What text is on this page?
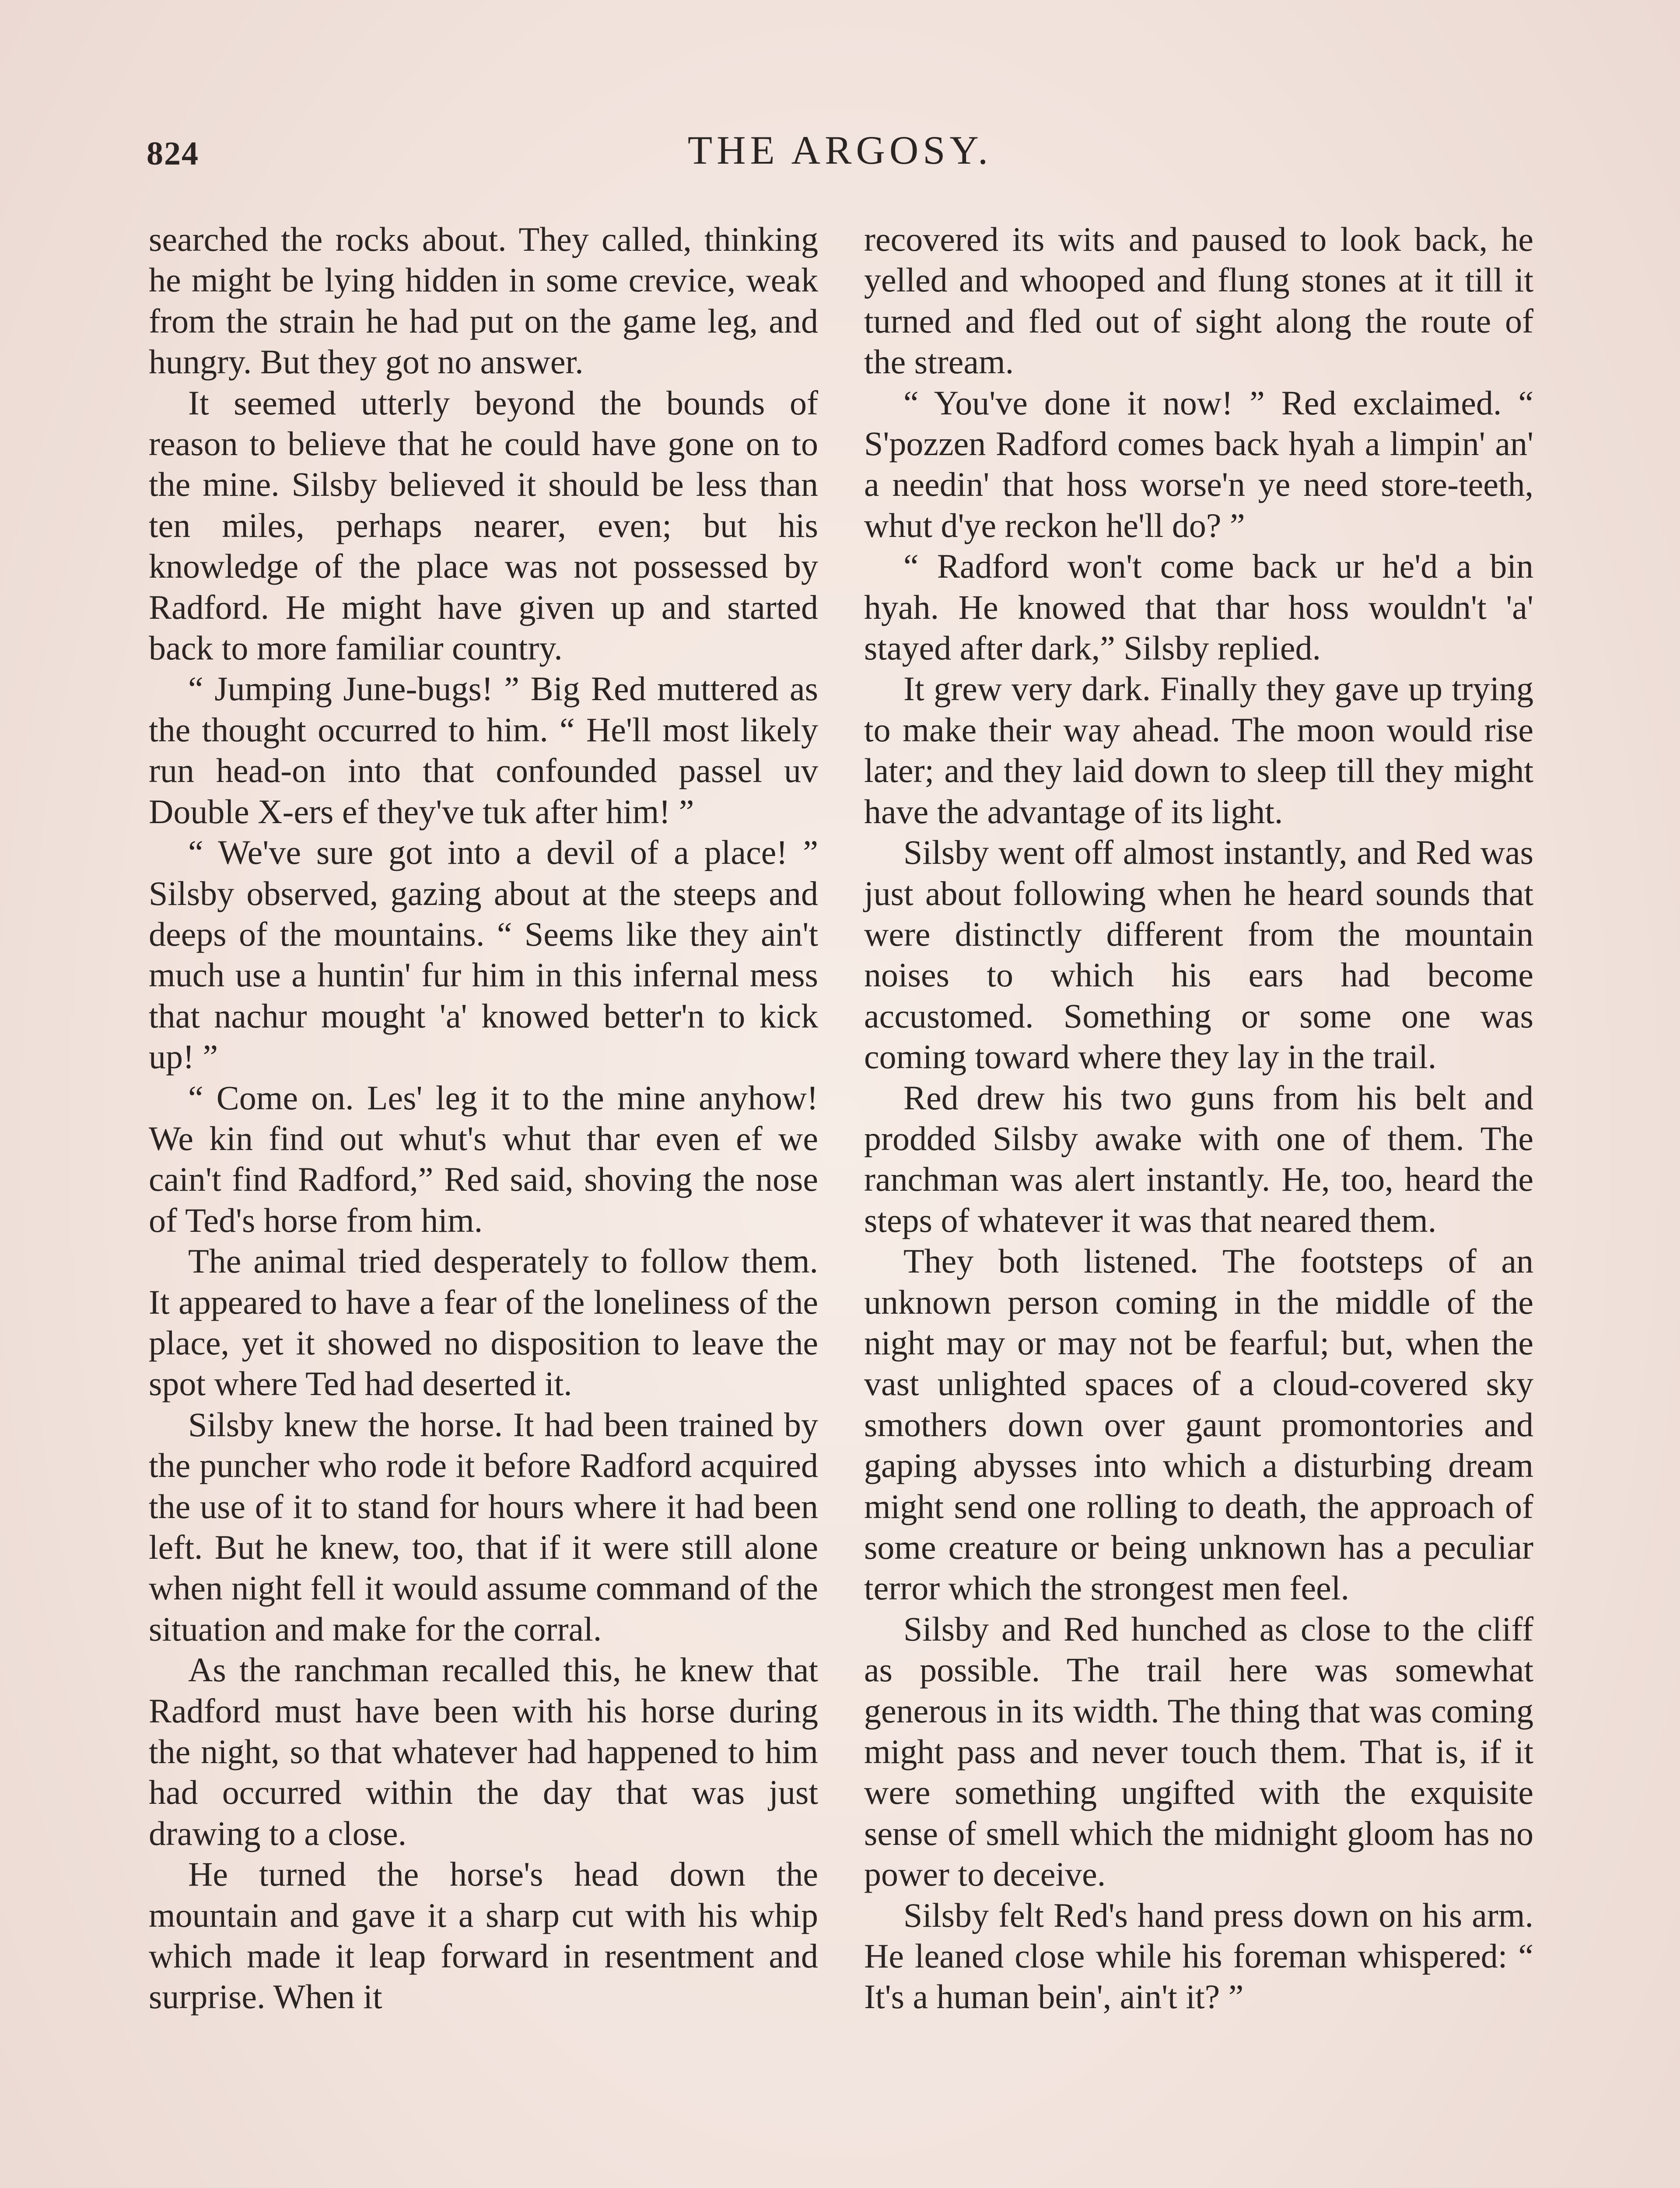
824	THE ARGOSY.

searched the rocks about. They called, thinking he might be lying hidden in some crevice, weak from the strain he had put on the game leg, and hungry. But they got no answer.

It seemed utterly beyond the bounds of reason to believe that he could have gone on to the mine. Silsby believed it should be less than ten miles, perhaps nearer, even; but his knowledge of the place was not possessed by Radford. He might have given up and started back to more familiar country.

“ Jumping June-bugs! ” Big Red muttered as the thought occurred to him. “ He'll most likely run head-on into that confounded passel uv Double X-ers ef they've tuk after him! ”

“ We've sure got into a devil of a place! ” Silsby observed, gazing about at the steeps and deeps of the mountains. “ Seems like they ain't much use a huntin' fur him in this infernal mess that nachur mought 'a' knowed better'n to kick up! ”

“ Come on. Les' leg it to the mine anyhow! We kin find out whut's whut thar even ef we cain't find Radford,” Red said, shoving the nose of Ted's horse from him.

The animal tried desperately to follow them. It appeared to have a fear of the loneliness of the place, yet it showed no disposition to leave the spot where Ted had deserted it.

Silsby knew the horse. It had been trained by the puncher who rode it before Radford acquired the use of it to stand for hours where it had been left. But he knew, too, that if it were still alone when night fell it would assume command of the situation and make for the corral.

As the ranchman recalled this, he knew that Radford must have been with his horse during the night, so that whatever had happened to him had occurred within the day that was just drawing to a close.

He turned the horse's head down the mountain and gave it a sharp cut with his whip which made it leap forward in resentment and surprise. When it

recovered its wits and paused to look back, he yelled and whooped and flung stones at it till it turned and fled out of sight along the route of the stream.

“ You've done it now! ” Red exclaimed. “ S'pozzen Radford comes back hyah a limpin' an' a needin' that hoss worse'n ye need store-teeth, whut d'ye reckon he'll do? ”

“ Radford won't come back ur he'd a bin hyah. He knowed that thar hoss wouldn't 'a' stayed after dark,” Silsby replied.

It grew very dark. Finally they gave up trying to make their way ahead. The moon would rise later; and they laid down to sleep till they might have the advantage of its light.

Silsby went off almost instantly, and Red was just about following when he heard sounds that were distinctly different from the mountain noises to which his ears had become accustomed. Something or some one was coming toward where they lay in the trail.

Red drew his two guns from his belt and prodded Silsby awake with one of them. The ranchman was alert instantly. He, too, heard the steps of whatever it was that neared them.

They both listened. The footsteps of an unknown person coming in the middle of the night may or may not be fearful; but, when the vast unlighted spaces of a cloud-covered sky smothers down over gaunt promontories and gaping abysses into which a disturbing dream might send one rolling to death, the approach of some creature or being unknown has a peculiar terror which the strongest men feel.

Silsby and Red hunched as close to the cliff as possible. The trail here was somewhat generous in its width. The thing that was coming might pass and never touch them. That is, if it were something ungifted with the exquisite sense of smell which the midnight gloom has no power to deceive.

Silsby felt Red's hand press down on his arm. He leaned close while his foreman whispered: “ It's a human bein', ain't it? ”
